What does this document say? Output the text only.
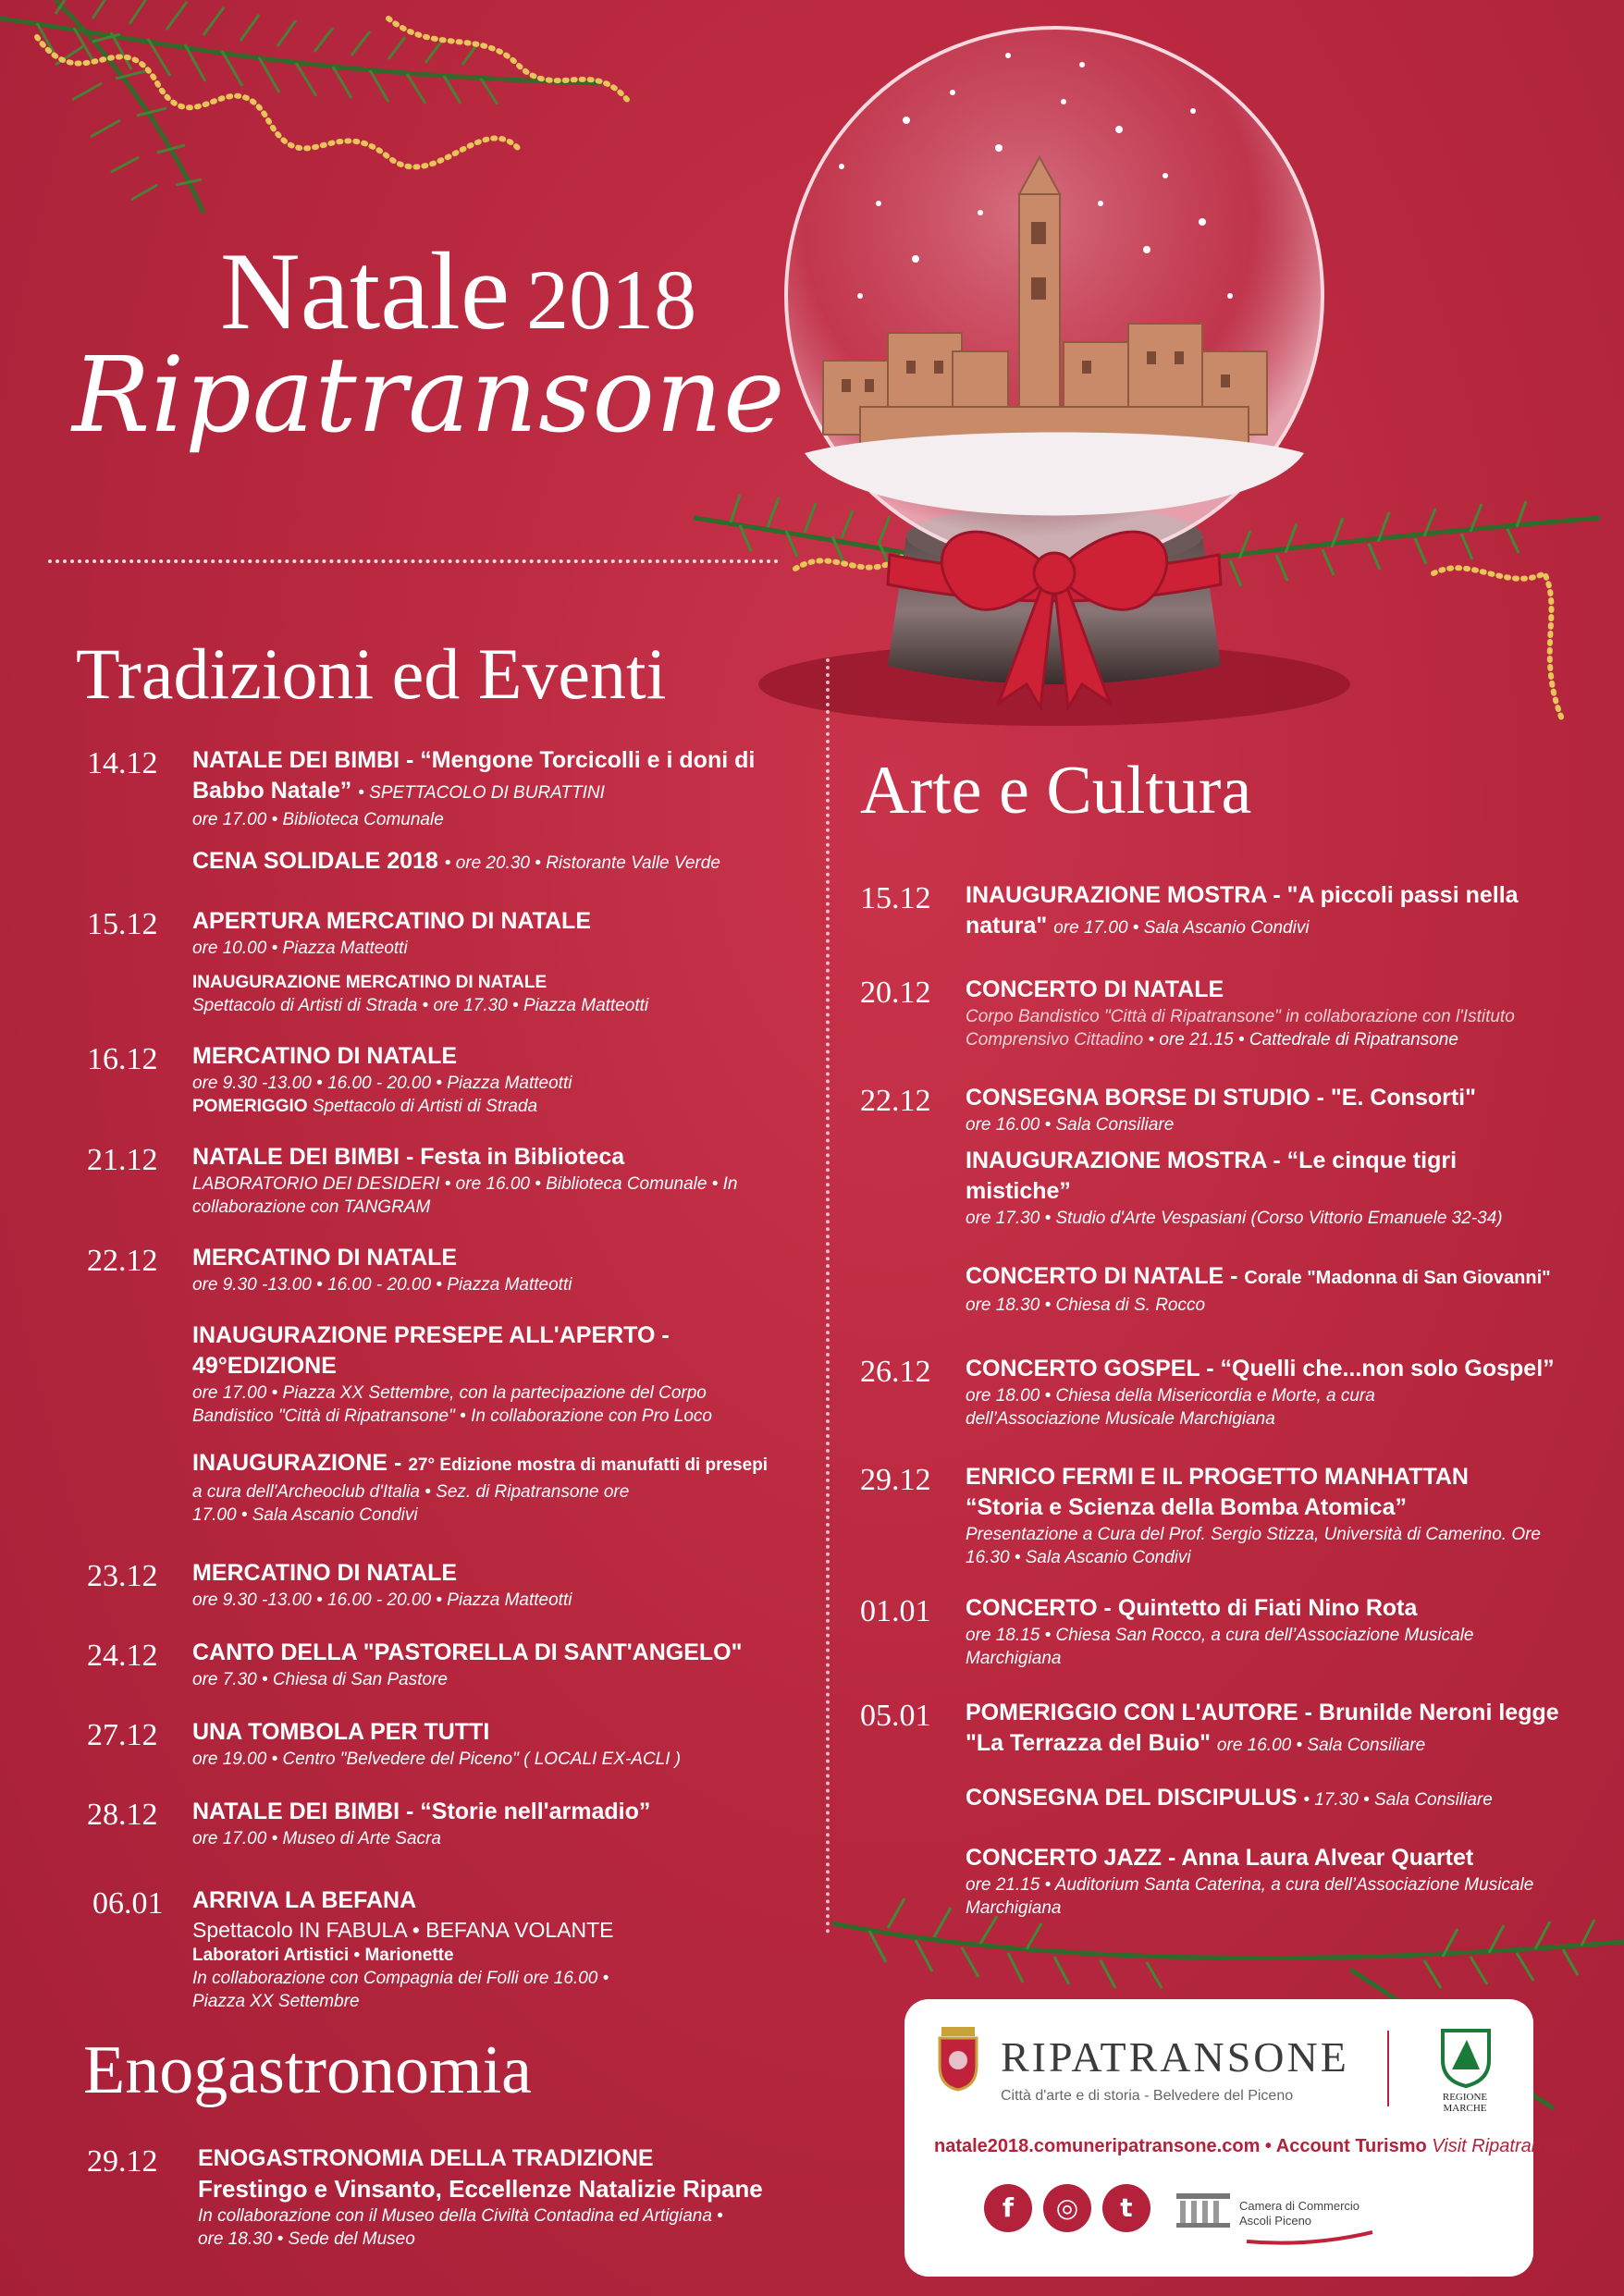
Natale 2018
Ripatransone
Tradizioni ed Eventi
Arte e Cultura
Enogastronomia
14.12 NATALE DEI BIMBI - “Mengone Torcicolli e i doni di Babbo Natale” • SPETTACOLO DI BURATTINI
ore 17.00 • Biblioteca Comunale
CENA SOLIDALE 2018 • ore 20.30 • Ristorante Valle Verde
15.12 APERTURA MERCATINO DI NATALE
ore 10.00 • Piazza Matteotti
INAUGURAZIONE MERCATINO DI NATALE
Spettacolo di Artisti di Strada • ore 17.30 • Piazza Matteotti
16.12 MERCATINO DI NATALE
ore 9.30 -13.00 • 16.00 - 20.00 • Piazza Matteotti
POMERIGGIO Spettacolo di Artisti di Strada
21.12 NATALE DEI BIMBI - Festa in Biblioteca
LABORATORIO DEI DESIDERI • ore 16.00 • Biblioteca Comunale • In collaborazione con TANGRAM
22.12 MERCATINO DI NATALE
ore 9.30 -13.00 • 16.00 - 20.00 • Piazza Matteotti
INAUGURAZIONE PRESEPE ALL'APERTO - 49°EDIZIONE
ore 17.00 • Piazza XX Settembre, con la partecipazione del Corpo Bandistico "Città di Ripatransone" • In collaborazione con Pro Loco
INAUGURAZIONE - 27° Edizione mostra di manufatti di presepi
a cura dell'Archeoclub d'Italia • Sez. di Ripatransone ore 17.00 • Sala Ascanio Condivi
23.12 MERCATINO DI NATALE
ore 9.30 -13.00 • 16.00 - 20.00 • Piazza Matteotti
24.12 CANTO DELLA "PASTORELLA DI SANT'ANGELO"
ore 7.30 • Chiesa di San Pastore
27.12 UNA TOMBOLA PER TUTTI
ore 19.00 • Centro "Belvedere del Piceno" ( LOCALI EX-ACLI )
28.12 NATALE DEI BIMBI - “Storie nell'armadio”
ore 17.00 • Museo di Arte Sacra
06.01 ARRIVA LA BEFANA
Spettacolo IN FABULA • BEFANA VOLANTE
Laboratori Artistici • Marionette
In collaborazione con Compagnia dei Folli ore 16.00 • Piazza XX Settembre
29.12 ENOGASTRONOMIA DELLA TRADIZIONE
Frestingo e Vinsanto, Eccellenze Natalizie Ripane
In collaborazione con il Museo della Civiltà Contadina ed Artigiana • ore 18.30 • Sede del Museo
15.12 INAUGURAZIONE MOSTRA - "A piccoli passi nella natura" ore 17.00 • Sala Ascanio Condivi
20.12 CONCERTO DI NATALE
Corpo Bandistico "Città di Ripatransone" in collaborazione con l'Istituto Comprensivo Cittadino • ore 21.15 • Cattedrale di Ripatransone
22.12 CONSEGNA BORSE DI STUDIO - "E. Consorti"
ore 16.00 • Sala Consiliare
INAUGURAZIONE MOSTRA - “Le cinque tigri mistiche”
ore 17.30 • Studio d'Arte Vespasiani (Corso Vittorio Emanuele 32-34)
CONCERTO DI NATALE - Corale "Madonna di San Giovanni"
ore 18.30 • Chiesa di S. Rocco
26.12 CONCERTO GOSPEL - “Quelli che...non solo Gospel”
ore 18.00 • Chiesa della Misericordia e Morte, a cura dell’Associazione Musicale Marchigiana
29.12 ENRICO FERMI E IL PROGETTO MANHATTAN
“Storia e Scienza della Bomba Atomica”
Presentazione a Cura del Prof. Sergio Stizza, Università di Camerino. Ore 16.30 • Sala Ascanio Condivi
01.01 CONCERTO - Quintetto di Fiati Nino Rota
ore 18.15 • Chiesa San Rocco, a cura dell’Associazione Musicale Marchigiana
05.01 POMERIGGIO CON L'AUTORE - Brunilde Neroni legge "La Terrazza del Buio" ore 16.00 • Sala Consiliare
CONSEGNA DEL DISCIPULUS • 17.30 • Sala Consiliare
CONCERTO JAZZ - Anna Laura Alvear Quartet
ore 21.15 • Auditorium Santa Caterina, a cura dell’Associazione Musicale Marchigiana
RIPATRANSONE
Città d'arte e di storia - Belvedere del Piceno	REGIONE MARCHE
natale2018.comuneripatransone.com • Account Turismo Visit Ripatransone
f	◎	t	Camera di Commercio
Ascoli Piceno
